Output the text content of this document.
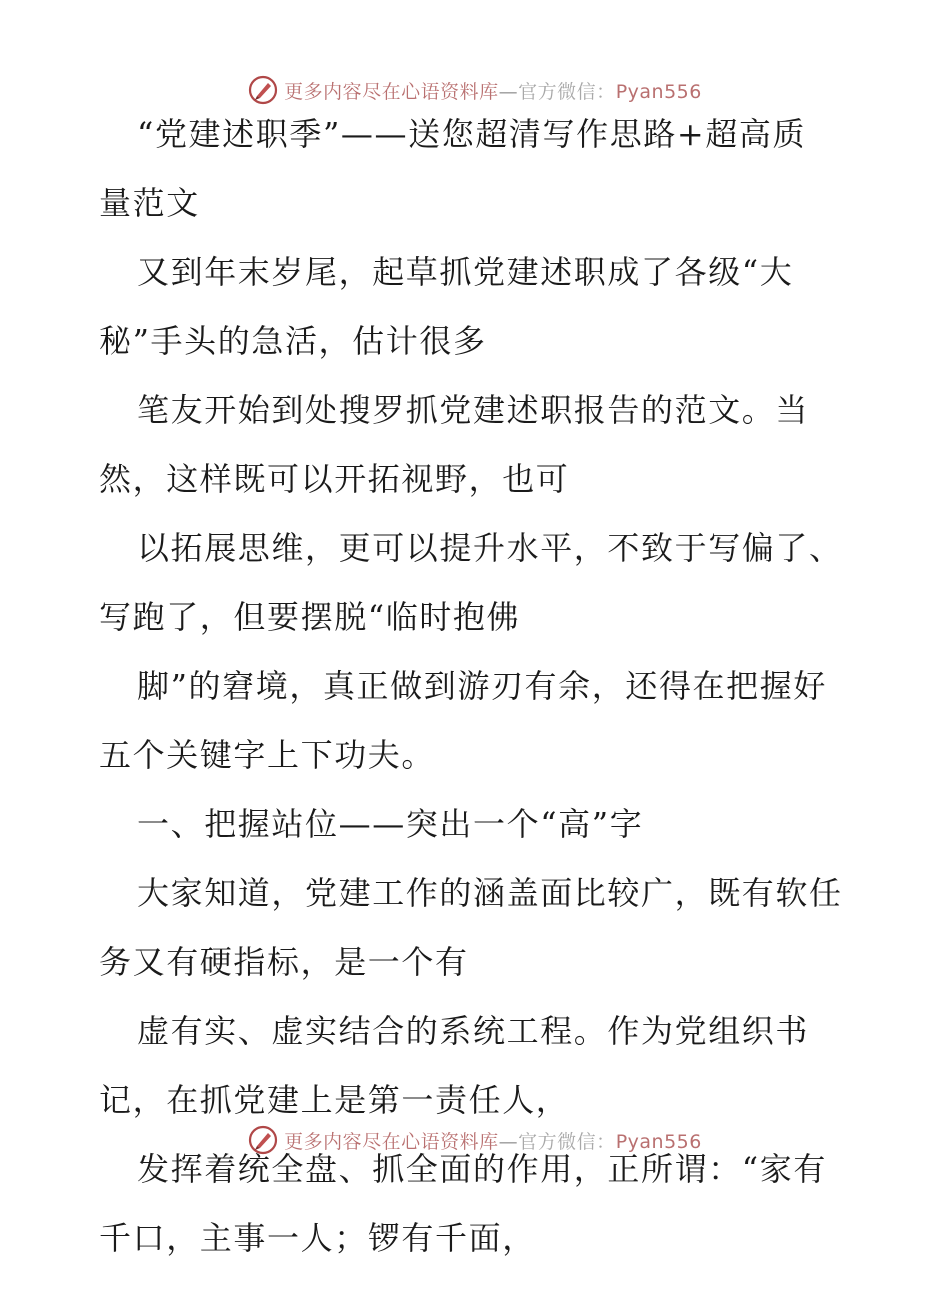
更多内容尽在心语资料库—官方微信：Pyan556
“党建述职季”——送您超清写作思路+超高质
量范文
又到年末岁尾，起草抓党建述职成了各级“大
秘”手头的急活，估计很多
笔友开始到处搜罗抓党建述职报告的范文。当
然，这样既可以开拓视野，也可
以拓展思维，更可以提升水平，不致于写偏了、
写跑了，但要摆脱“临时抱佛
脚”的窘境，真正做到游刃有余，还得在把握好
五个关键字上下功夫。
一、把握站位——突出一个“高”字
大家知道，党建工作的涵盖面比较广，既有软任
务又有硬指标，是一个有
虚有实、虚实结合的系统工程。作为党组织书
记，在抓党建上是第一责任人，
发挥着统全盘、抓全面的作用，正所谓：“家有
千口，主事一人；锣有千面，
更多内容尽在心语资料库—官方微信：Pyan556
